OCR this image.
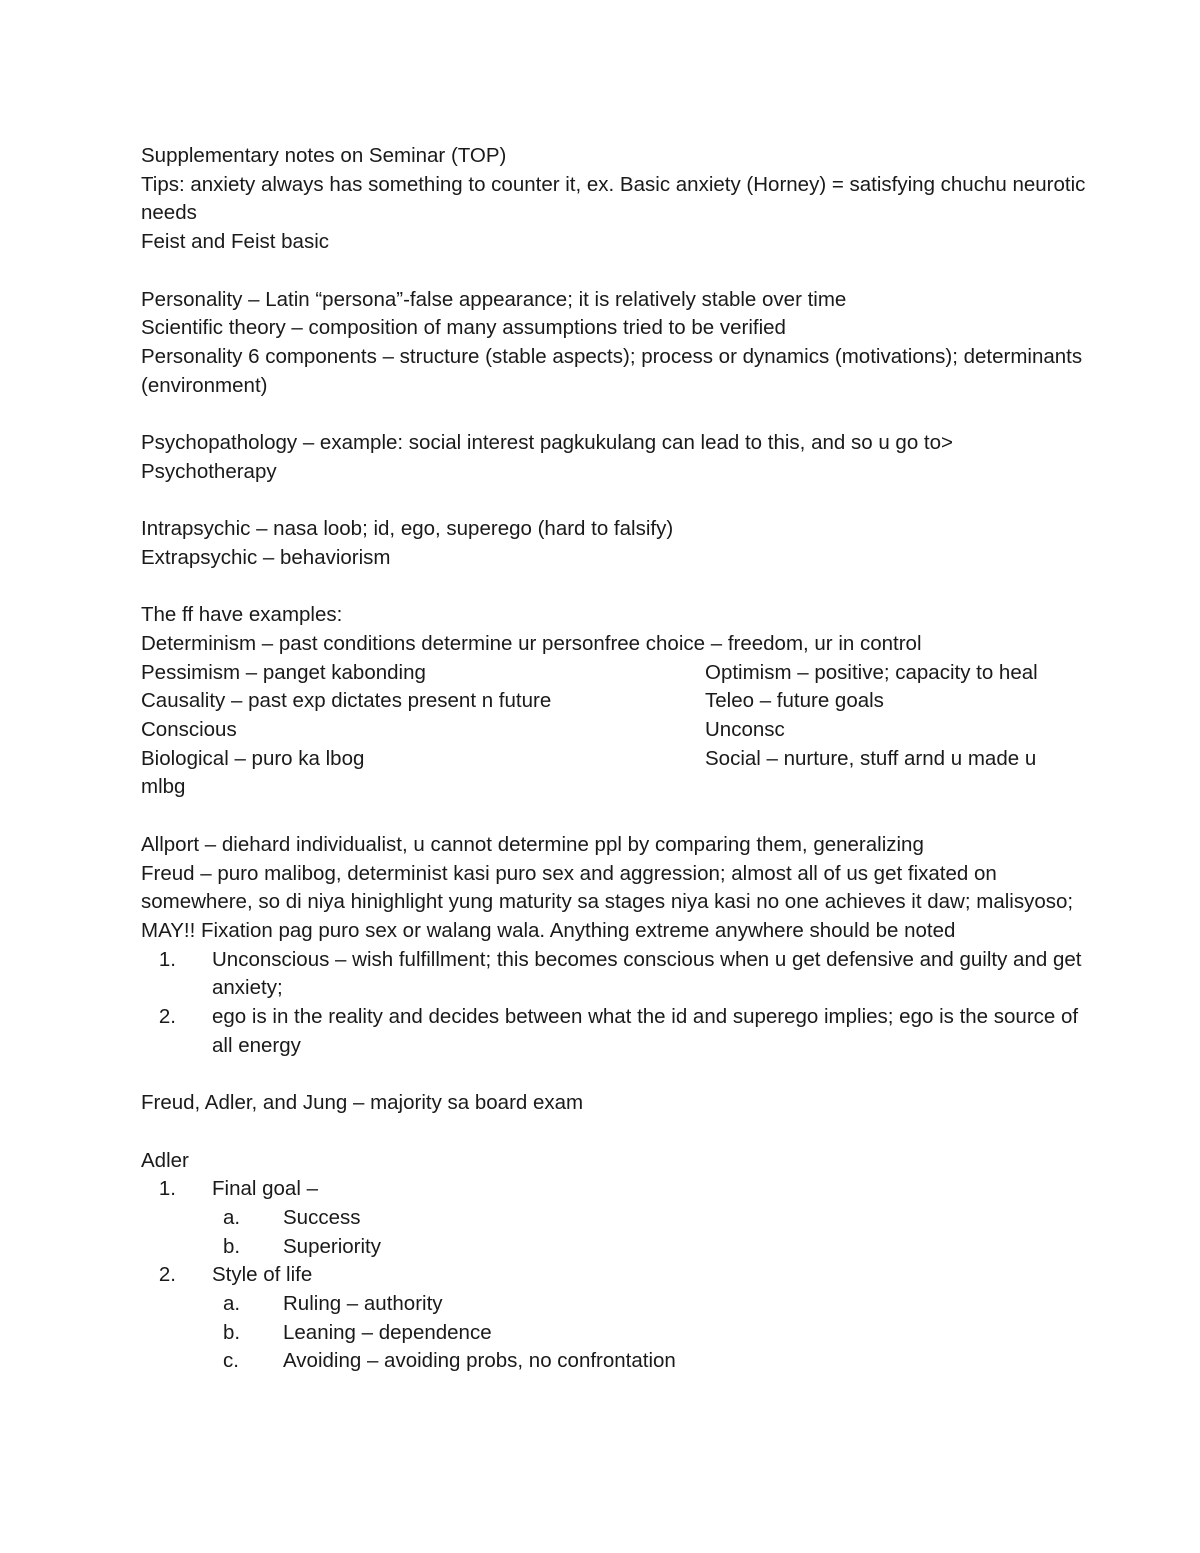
Supplementary notes on Seminar (TOP)

Tips: anxiety always has something to counter it, ex. Basic anxiety (Horney) = satisfying chuchu neurotic needs

Feist and Feist basic

Personality – Latin “persona”-false appearance; it is relatively stable over time

Scientific theory – composition of many assumptions tried to be verified

Personality 6 components – structure (stable aspects); process or dynamics (motivations); determinants (environment)

Psychopathology – example: social interest pagkukulang can lead to this, and so u go to>

Psychotherapy

Intrapsychic – nasa loob; id, ego, superego (hard to falsify)

Extrapsychic – behaviorism

The ff have examples:

Determinism – past conditions determine ur personfree choice – freedom, ur in control

Pessimism – panget kabonding	Optimism – positive; capacity to heal
Causality – past exp dictates present n future	Teleo – future goals
Conscious	Unconsc
Biological – puro ka lbog	Social – nurture, stuff arnd u made u

mlbg

Allport – diehard individualist, u cannot determine ppl by comparing them, generalizing

Freud – puro malibog, determinist kasi puro sex and aggression; almost all of us get fixated on somewhere, so di niya hinighlight yung maturity sa stages niya kasi no one achieves it daw; malisyoso; MAY!! Fixation pag puro sex or walang wala. Anything extreme anywhere should be noted

1.	Unconscious – wish fulfillment; this becomes conscious when u get defensive and guilty and get anxiety;
2.	ego is in the reality and decides between what the id and superego implies; ego is the source of all energy

Freud, Adler, and Jung – majority sa board exam

Adler

1.	Final goal –
a.	Success
b.	Superiority
2.	Style of life
a.	Ruling – authority
b.	Leaning – dependence
c.	Avoiding – avoiding probs, no confrontation
